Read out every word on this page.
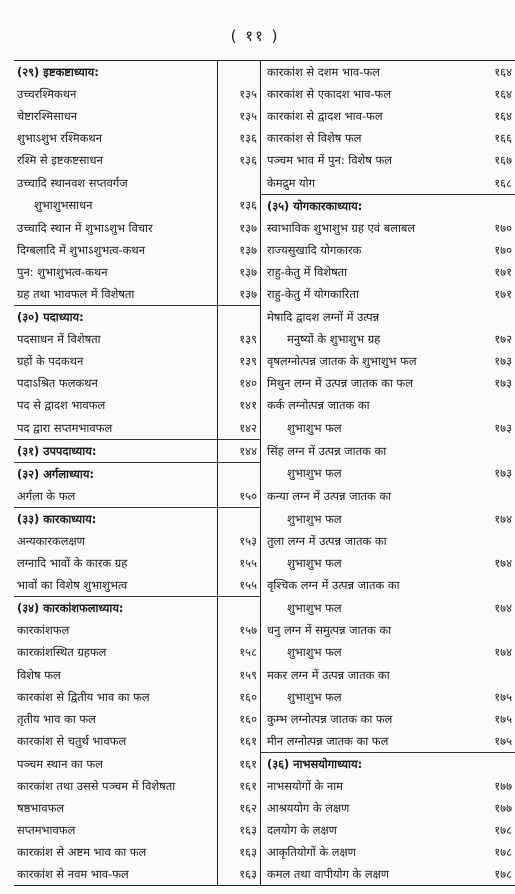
( ११ )
(२९) इष्टकष्टाध्याय:		कारकांश से दशम भाव-फल	१६४
उच्चरश्मिकथन	१३५	कारकांश से एकादश भाव-फल	१६४
चेष्टारश्मिसाधन	१३५	कारकांश से द्वादश भाव-फल	१६४
शुभाऽशुभ रश्मिकथन	१३६	कारकांश से विशेष फल	१६६
रश्मि से इष्टकष्टसाधन	१३६	पञ्चम भाव में पुन: विशेष फल	१६७
उच्चादि स्थानवश सप्तवर्गज		केमद्रुम योग	१६८
शुभाशुभसाधन	१३६	(३५) योगकारकाध्याय:	
उच्चादि स्थान में शुभाऽशुभ विचार	१३७	स्वाभाविक शुभाशुभ ग्रह एवं बलाबल	१७०
दिग्बलादि में शुभाऽशुभत्व-कथन	१३७	राज्यसुखादि योगकारक	१७०
पुन: शुभाशुभत्व-कथन	१३७	राहु-केतु में विशेषता	१७१
ग्रह तथा भावफल में विशेषता	१३७	राहु-केतु में योगकारिता	१७१
(३०) पदाध्याय:		मेषादि द्वादश लग्नों में उत्पन्न	
पदसाधन में विशेषता	१३९	मनुष्यों के शुभाशुभ ग्रह	१७२
ग्रहों के पदकथन	१३९	वृषलग्नोत्पन्न जातक के शुभाशुभ फल	१७३
पदाऽश्रित फलकथन	१४०	मिथुन लग्न में उत्पन्न जातक का फल	१७३
पद से द्वादश भावफल	१४१	कर्क लग्नोत्पन्न जातक का	
पद द्वारा सप्तमभावफल	१४२	शुभाशुभ फल	१७३
(३१) उपपदाध्याय:	१४४	सिंह लग्न में उत्पन्न जातक का	
(३२) अर्गलाध्याय:		शुभाशुभ फल	१७३
अर्गला के फल	१५०	कन्या लग्न में उत्पन्न जातक का	
(३३) कारकाध्याय:		शुभाशुभ फल	१७४
अन्यकारकलक्षण	१५३	तुला लग्न में उत्पन्न जातक का	
लग्नादि भावों के कारक ग्रह	१५५	शुभाशुभ फल	१७४
भावों का विशेष शुभाशुभत्व	१५५	वृश्चिक लग्न में उत्पन्न जातक का	
(३४) कारकांशफलाध्याय:		शुभाशुभ फल	१७४
कारकांशफल	१५७	धनु लग्न में समुत्पन्न जातक का	
कारकांशस्थित ग्रहफल	१५८	शुभाशुभ फल	१७४
विशेष फल	१५९	मकर लग्न में उत्पन्न जातक का	
कारकांश से द्वितीय भाव का फल	१६०	शुभाशुभ फल	१७५
तृतीय भाव का फल	१६०	कुम्भ लग्नोत्पन्न जातक का फल	१७५
कारकांश से चतुर्थ भावफल	१६१	मीन लग्नोत्पन्न जातक का फल	१७५
पञ्चम स्थान का फल	१६१	(३६) नाभसयोगाध्याय:	
कारकांश तथा उससे पञ्चम में विशेषता	१६१	नाभसयोगों के नाम	१७७
षष्ठभावफल	१६२	आश्रययोग के लक्षण	१७७
सप्तमभावफल	१६३	दलयोग के लक्षण	१७८
कारकांश से अष्टम भाव का फल	१६३	आकृतियोगों के लक्षण	१७८
कारकांश से नवम भाव-फल	१६३	कमल तथा वापीयोग के लक्षण	१७८
